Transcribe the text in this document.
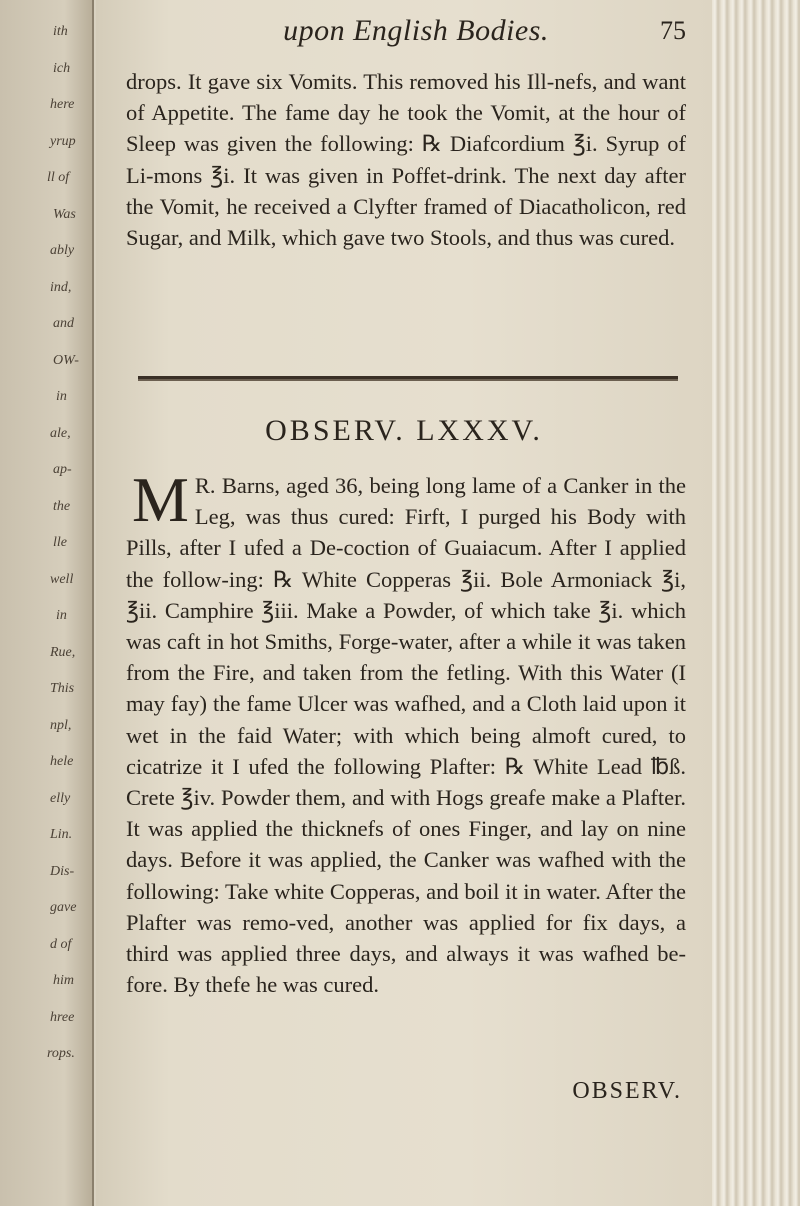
ith
ich
here
yrup
ll of
Was
ably
ind,
and
OW-
in
ale,
ap-
the
lle
well
in
Rue,
This
npl,
hele
elly
Lin.
Dis-
gave
d of
him
hree
rops.
upon English Bodies.	75

drops. It gave six Vomits. This removed his Ill-nefs, and want of Appetite. The fame day he took the Vomit, at the hour of Sleep was given the following: ℞ Diafcordium ℥i. Syrup of Li-mons ℥i. It was given in Poffet-drink. The next day after the Vomit, he received a Clyfter framed of Diacatholicon, red Sugar, and Milk, which gave two Stools, and thus was cured.

OBSERV. LXXXV.
M R. Barns, aged 36, being long lame of a Canker in the Leg, was thus cured: Firft, I purged his Body with Pills, after I ufed a De-coction of Guaiacum. After I applied the follow-ing: ℞ White Copperas ℥ii. Bole Armoniack ℥i, ℥ii. Camphire ℥iii. Make a Powder, of which take ℥i. which was caft in hot Smiths, Forge-water, after a while it was taken from the Fire, and taken from the fetling. With this Water (I may fay) the fame Ulcer was wafhed, and a Cloth laid upon it wet in the faid Water; with which being almoft cured, to cicatrize it I ufed the following Plafter: ℞ White Lead ℔ß. Crete ℥iv. Powder them, and with Hogs greafe make a Plafter. It was applied the thicknefs of ones Finger, and lay on nine days. Before it was applied, the Canker was wafhed with the following: Take white Copperas, and boil it in water. After the Plafter was remo-ved, another was applied for fix days, a third was applied three days, and always it was wafhed be-fore. By thefe he was cured.
OBSERV.
